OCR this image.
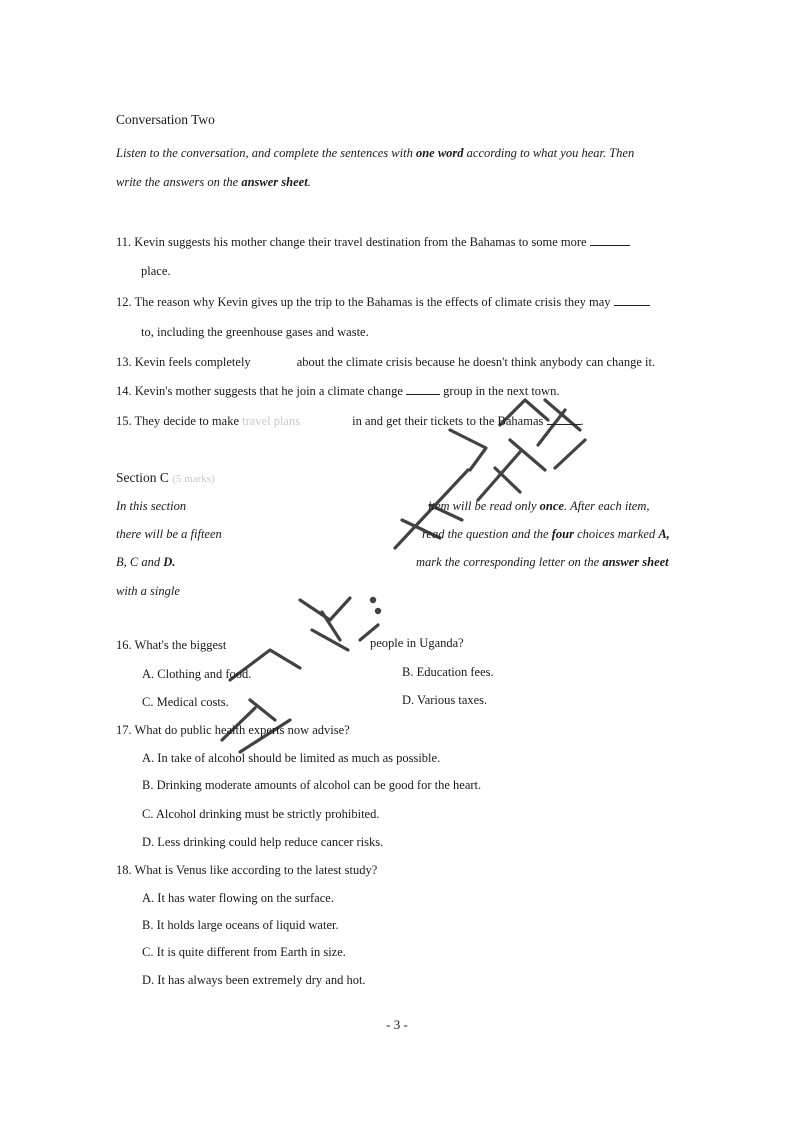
Conversation Two
Listen to the conversation, and complete the sentences with one word according to what you hear. Then
write the answers on the answer sheet.
11. Kevin suggests his mother change their travel destination from the Bahamas to some more
place.
12. The reason why Kevin gives up the trip to the Bahamas is the effects of climate crisis they may
to, including the greenhouse gases and waste.
13. Kevin feels completely	about the climate crisis because he doesn't think anybody can change it.
14. Kevin's mother suggests that he join a climate change	group in the next town.
15. They decide to make travel plans	in and get their tickets to the Bahamas	.
Section C (5 marks)
In this section	item will be read only once. After each item,
there will be a fifteen	read the question and the four choices marked A,
B, C and D.	mark the corresponding letter on the answer sheet
with a single
16. What's the biggest	people in Uganda?
A. Clothing and food.	B. Education fees.
C. Medical costs.	D. Various taxes.
17. What do public health experts now advise?
A. In take of alcohol should be limited as much as possible.
B. Drinking moderate amounts of alcohol can be good for the heart.
C. Alcohol drinking must be strictly prohibited.
D. Less drinking could help reduce cancer risks.
18. What is Venus like according to the latest study?
A. It has water flowing on the surface.
B. It holds large oceans of liquid water.
C. It is quite different from Earth in size.
D. It has always been extremely dry and hot.
- 3 -
